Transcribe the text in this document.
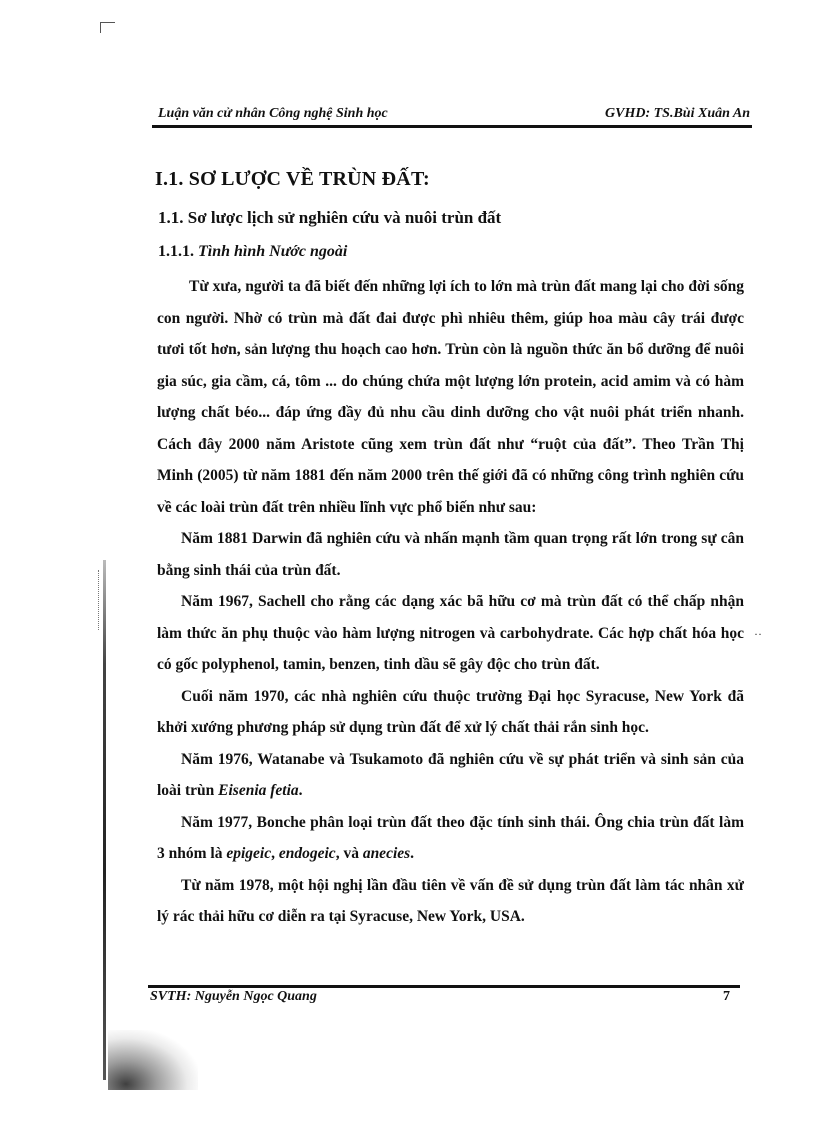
··
Luận văn cử nhân Công nghệ Sinh học	GVHD: TS.Bùi Xuân An
I.1. SƠ LƯỢC VỀ TRÙN ĐẤT:
1.1. Sơ lược lịch sử nghiên cứu và nuôi trùn đất
1.1.1. Tình hình Nước ngoài

Từ xưa, người ta đã biết đến những lợi ích to lớn mà trùn đất mang lại cho đời sống con người. Nhờ có trùn mà đất đai được phì nhiêu thêm, giúp hoa màu cây trái được tươi tốt hơn, sản lượng thu hoạch cao hơn. Trùn còn là nguồn thức ăn bổ dưỡng để nuôi gia súc, gia cầm, cá, tôm ... do chúng chứa một lượng lớn protein, acid amim và có hàm lượng chất béo... đáp ứng đầy đủ nhu cầu dinh dưỡng cho vật nuôi phát triển nhanh. Cách đây 2000 năm Aristote cũng xem trùn đất như “ruột của đất”. Theo Trần Thị Minh (2005) từ năm 1881 đến năm 2000 trên thế giới đã có những công trình nghiên cứu về các loài trùn đất trên nhiều lĩnh vực phổ biến như sau:

Năm 1881 Darwin đã nghiên cứu và nhấn mạnh tầm quan trọng rất lớn trong sự cân bằng sinh thái của trùn đất.

Năm 1967, Sachell cho rằng các dạng xác bã hữu cơ mà trùn đất có thể chấp nhận làm thức ăn phụ thuộc vào hàm lượng nitrogen và carbohydrate. Các hợp chất hóa học có gốc polyphenol, tamin, benzen, tinh dầu sẽ gây độc cho trùn đất.

Cuối năm 1970, các nhà nghiên cứu thuộc trường Đại học Syracuse, New York đã khởi xướng phương pháp sử dụng trùn đất để xử lý chất thải rắn sinh học.

Năm 1976, Watanabe và Tsukamoto đã nghiên cứu về sự phát triển và sinh sản của loài trùn Eisenia fetia.

Năm 1977, Bonche phân loại trùn đất theo đặc tính sinh thái. Ông chia trùn đất làm 3 nhóm là epigeic, endogeic, và anecies.

Từ năm 1978, một hội nghị lần đầu tiên về vấn đề sử dụng trùn đất làm tác nhân xử lý rác thải hữu cơ diễn ra tại Syracuse, New York, USA.

SVTH: Nguyễn Ngọc Quang	7
